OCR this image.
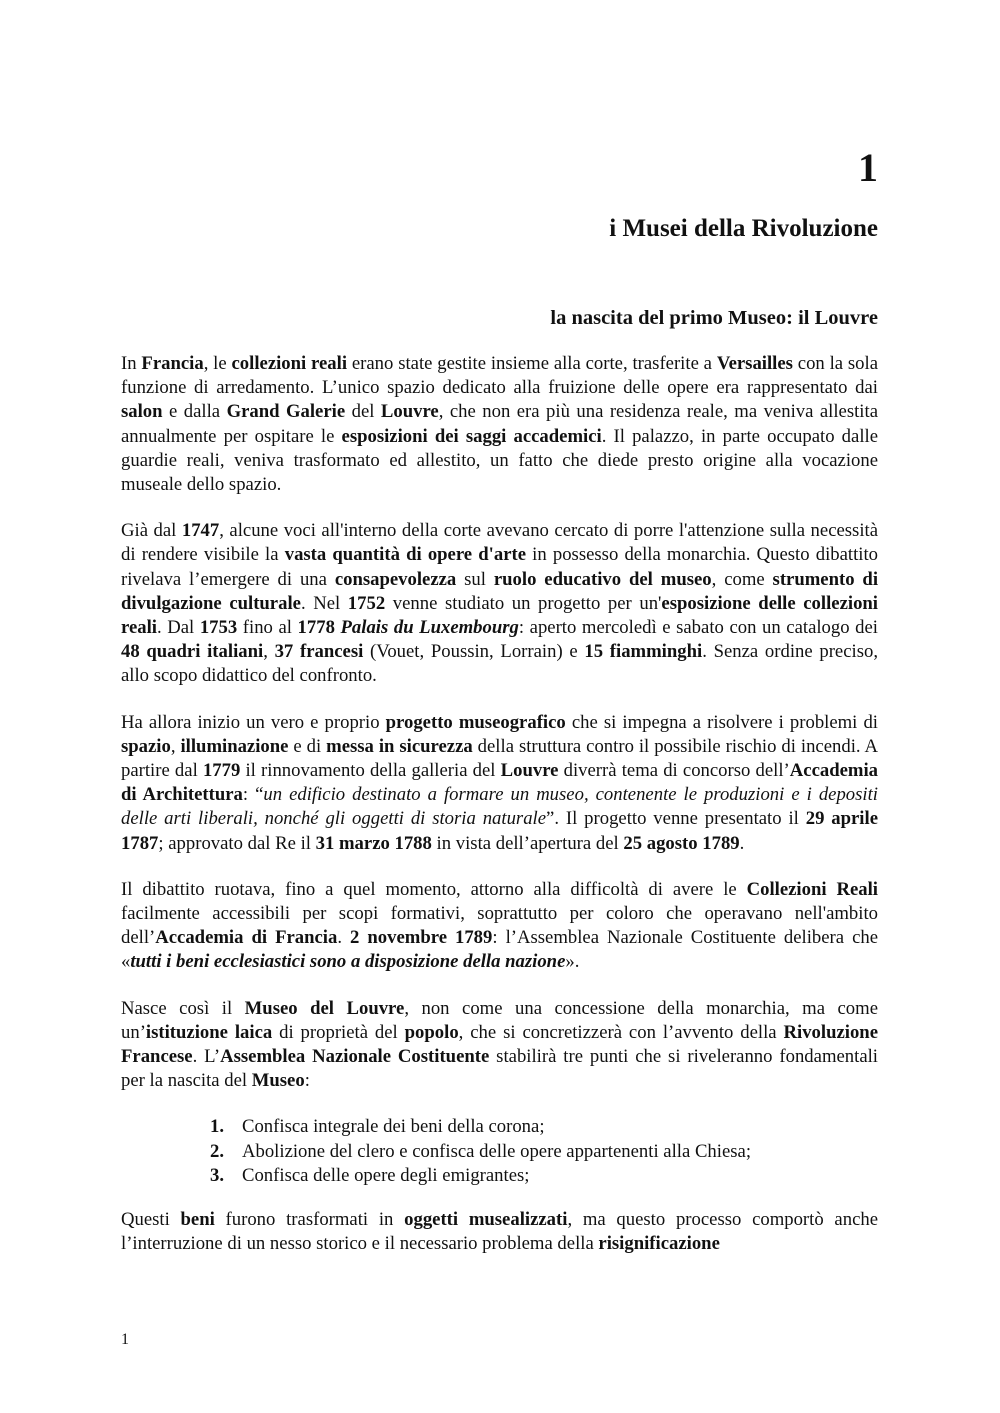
1
i Musei della Rivoluzione
la nascita del primo Museo: il Louvre

In Francia, le collezioni reali erano state gestite insieme alla corte, trasferite a Versailles con la sola funzione di arredamento. L’unico spazio dedicato alla fruizione delle opere era rappresentato dai salon e dalla Grand Galerie del Louvre, che non era più una residenza reale, ma veniva allestita annualmente per ospitare le esposizioni dei saggi accademici. Il palazzo, in parte occupato dalle guardie reali, veniva trasformato ed allestito, un fatto che diede presto origine alla vocazione museale dello spazio.

Già dal 1747, alcune voci all'interno della corte avevano cercato di porre l'attenzione sulla necessità di rendere visibile la vasta quantità di opere d'arte in possesso della monarchia. Questo dibattito rivelava l’emergere di una consapevolezza sul ruolo educativo del museo, come strumento di divulgazione culturale. Nel 1752 venne studiato un progetto per un'esposizione delle collezioni reali. Dal 1753 fino al 1778 Palais du Luxembourg: aperto mercoledì e sabato con un catalogo dei 48 quadri italiani, 37 francesi (Vouet, Poussin, Lorrain) e 15 fiamminghi. Senza ordine preciso, allo scopo didattico del confronto.

Ha allora inizio un vero e proprio progetto museografico che si impegna a risolvere i problemi di spazio, illuminazione e di messa in sicurezza della struttura contro il possibile rischio di incendi. A partire dal 1779 il rinnovamento della galleria del Louvre diverrà tema di concorso dell’Accademia di Architettura: “un edificio destinato a formare un museo, contenente le produzioni e i depositi delle arti liberali, nonché gli oggetti di storia naturale”. Il progetto venne presentato il 29 aprile 1787; approvato dal Re il 31 marzo 1788 in vista dell’apertura del 25 agosto 1789.

Il dibattito ruotava, fino a quel momento, attorno alla difficoltà di avere le Collezioni Reali facilmente accessibili per scopi formativi, soprattutto per coloro che operavano nell'ambito dell’Accademia di Francia. 2 novembre 1789: l’Assemblea Nazionale Costituente delibera che «tutti i beni ecclesiastici sono a disposizione della nazione».

Nasce così il Museo del Louvre, non come una concessione della monarchia, ma come un’istituzione laica di proprietà del popolo, che si concretizzerà con l’avvento della Rivoluzione Francese. L’Assemblea Nazionale Costituente stabilirà tre punti che si riveleranno fondamentali per la nascita del Museo:

1. Confisca integrale dei beni della corona;
2. Abolizione del clero e confisca delle opere appartenenti alla Chiesa;
3. Confisca delle opere degli emigrantes;

Questi beni furono trasformati in oggetti musealizzati, ma questo processo comportò anche l’interruzione di un nesso storico e il necessario problema della risignificazione

1
